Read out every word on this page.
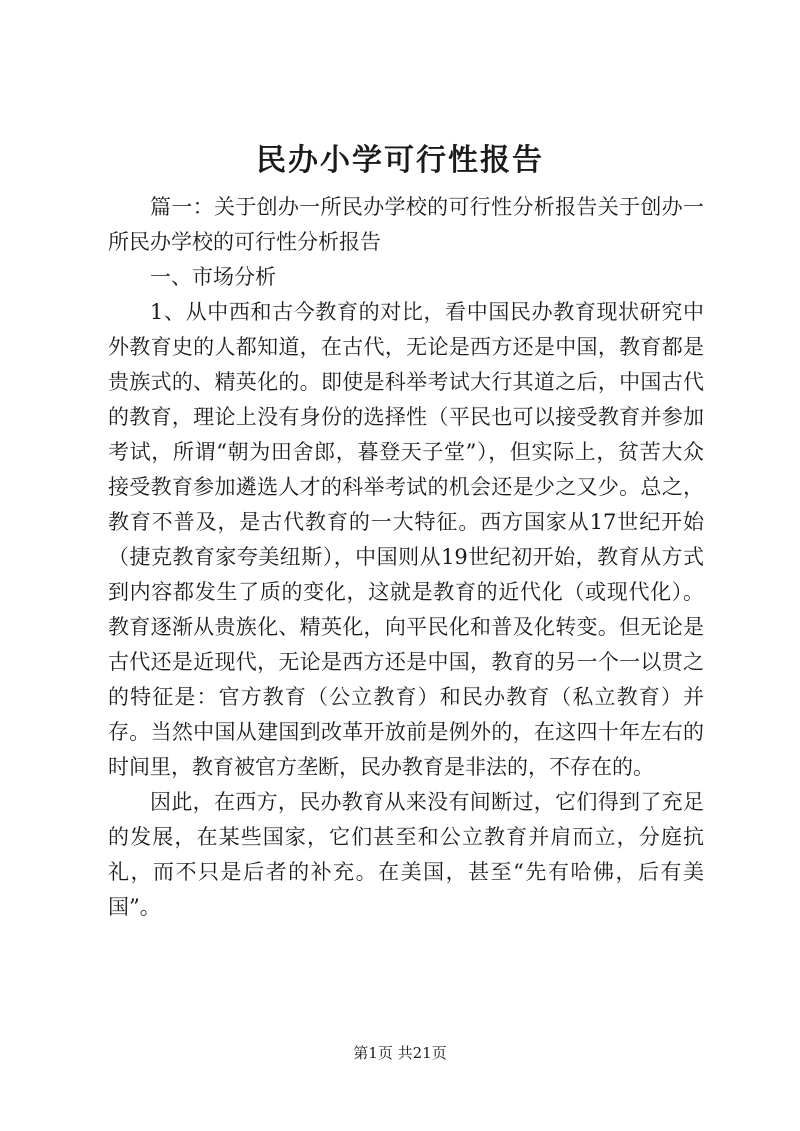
民办小学可行性报告

篇一：关于创办一所民办学校的可行性分析报告关于创办一所民办学校的可行性分析报告

一、市场分析

1、从中西和古今教育的对比，看中国民办教育现状研究中外教育史的人都知道，在古代，无论是西方还是中国，教育都是贵族式的、精英化的。即使是科举考试大行其道之后，中国古代的教育，理论上没有身份的选择性（平民也可以接受教育并参加考试，所谓“朝为田舍郎，暮登天子堂”），但实际上，贫苦大众接受教育参加遴选人才的科举考试的机会还是少之又少。总之，教育不普及，是古代教育的一大特征。西方国家从17世纪开始（捷克教育家夸美纽斯），中国则从19世纪初开始，教育从方式到内容都发生了质的变化，这就是教育的近代化（或现代化）。教育逐渐从贵族化、精英化，向平民化和普及化转变。但无论是古代还是近现代，无论是西方还是中国，教育的另一个一以贯之的特征是：官方教育（公立教育）和民办教育（私立教育）并存。当然中国从建国到改革开放前是例外的，在这四十年左右的时间里，教育被官方垄断，民办教育是非法的，不存在的。

因此，在西方，民办教育从来没有间断过，它们得到了充足的发展，在某些国家，它们甚至和公立教育并肩而立，分庭抗礼，而不只是后者的补充。在美国，甚至“先有哈佛，后有美国”。

第1页 共21页
